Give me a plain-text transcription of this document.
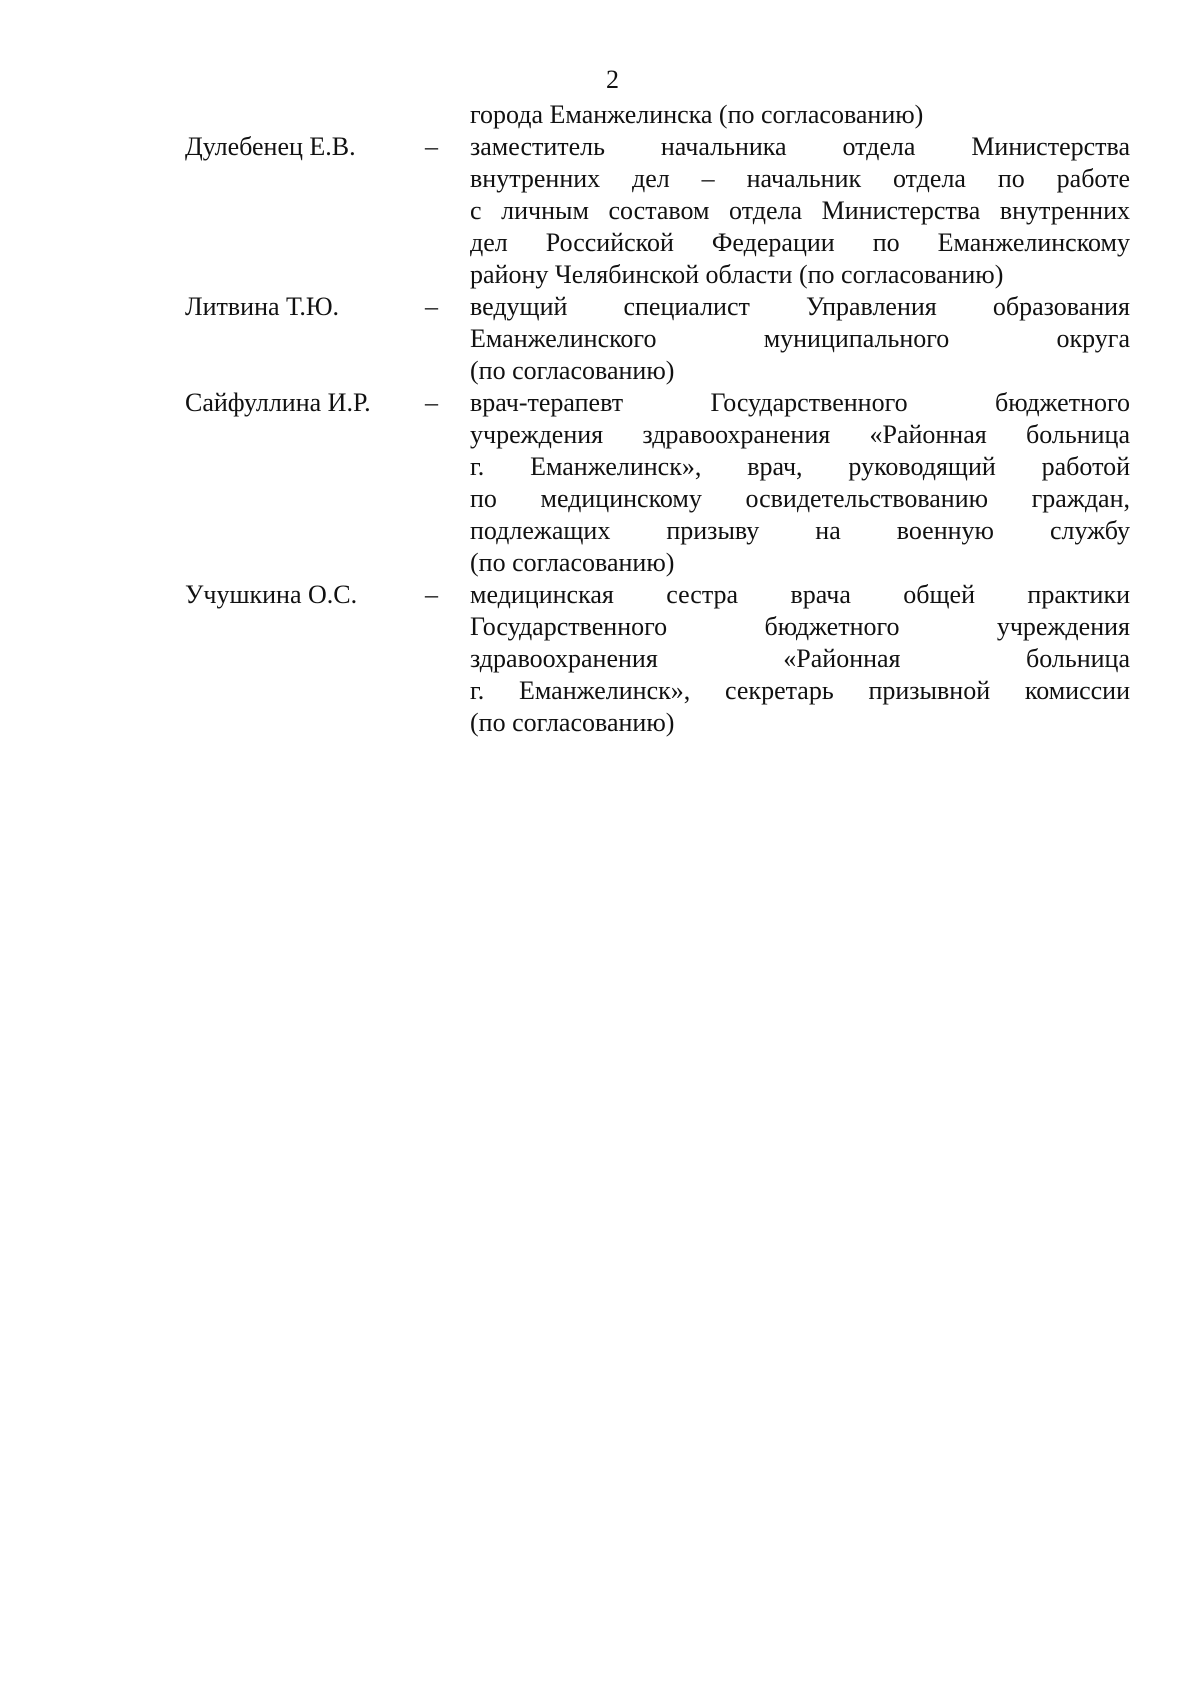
2
города Еманжелинска (по согласованию)
Дулебенец Е.В.	–	заместитель начальника отдела Министерства
внутренних дел – начальник отдела по работе
с личным составом отдела Министерства внутренних
дел Российской Федерации по Еманжелинскому
району Челябинской области (по согласованию)
Литвина Т.Ю.	–	ведущий специалист Управления образования
Еманжелинского муниципального округа
(по согласованию)
Сайфуллина И.Р.	–	врач-терапевт Государственного бюджетного
учреждения здравоохранения «Районная больница
г. Еманжелинск», врач, руководящий работой
по медицинскому освидетельствованию граждан,
подлежащих призыву на военную службу
(по согласованию)
Учушкина О.С.	–	медицинская сестра врача общей практики
Государственного бюджетного учреждения
здравоохранения «Районная больница
г. Еманжелинск», секретарь призывной комиссии
(по согласованию)
